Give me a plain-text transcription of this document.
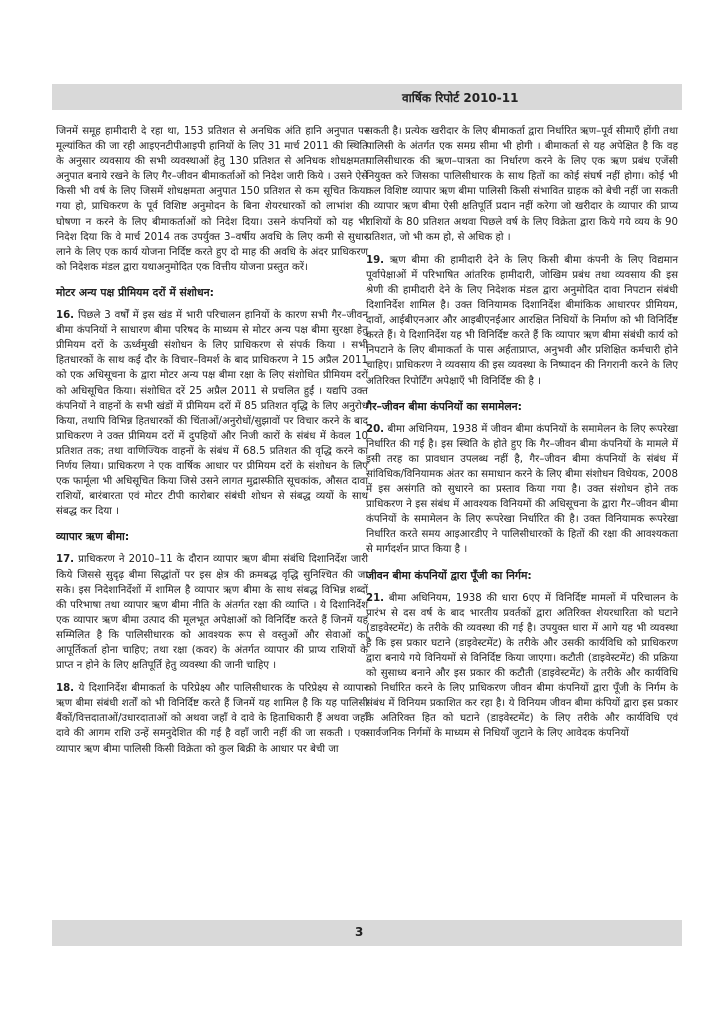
वार्षिक रिपोर्ट 2010-11

जिनमें समूह हामीदारी दे रहा था, 153 प्रतिशत से अनधिक अंति हानि अनुपात पर मूल्यांकित की जा रही आइएनटीपीआइपी हानियों के लिए 31 मार्च 2011 की स्थिति के अनुसार व्यवसाय की सभी व्यवस्थाओं हेतु 130 प्रतिशत से अनिधक शोधक्षमता अनुपात बनाये रखने के लिए गैर–जीवन बीमाकर्ताओं को निदेश जारी किये । उसने ऐसे किसी भी वर्ष के लिए जिसमें शोधक्षमता अनुपात 150 प्रतिशत से कम सूचित किया गया हो, प्राधिकरण के पूर्व विशिष्ट अनुमोदन के बिना शेयरधारकों को लाभांश की घोषणा न करने के लिए बीमाकर्ताओं को निदेश दिया। उसने कंपनियों को यह भी निदेश दिया कि वे मार्च 2014 तक उपर्युक्त 3–वर्षीय अवधि के लिए कमी से सुधार लाने के लिए एक कार्य योजना निर्दिष्ट करते हुए दो माह की अवधि के अंदर प्राधिकरण को निदेशक मंडल द्वारा यथाअनुमोदित एक वित्तीय योजना प्रस्तुत करें।

मोटर अन्य पक्ष प्रीमियम दरों में संशोधन:

16. पिछले 3 वर्षों में इस खंड में भारी परिचालन हानियों के कारण सभी गैर–जीवन बीमा कंपनियों ने साधारण बीमा परिषद के माध्यम से मोटर अन्य पक्ष बीमा सुरक्षा हेतु प्रीमियम दरों के ऊर्ध्वमुखी संशोधन के लिए प्राधिकरण से संपर्क किया । सभी हितधारकों के साथ कई दौर के विचार–विमर्श के बाद प्राधिकरण ने 15 अप्रैल 2011 को एक अधिसूचना के द्वारा मोटर अन्य पक्ष बीमा रक्षा के लिए संशोधित प्रीमियम दरों को अधिसूचित किया। संशोधित दरें 25 अप्रैल 2011 से प्रचलित हुईं । यद्यपि उक्त कंपनियों ने वाहनों के सभी खंडों में प्रीमियम दरों में 85 प्रतिशत वृद्धि के लिए अनुरोध किया, तथापि विभिन्न हितधारकों की चिंताओं/अनुरोधों/सुझावों पर विचार करने के बाद प्राधिकरण ने उक्त प्रीमियम दरों में दुपहियों और निजी कारों के संबंध में केवल 10 प्रतिशत तक; तथा वाणिज्यिक वाहनों के संबंध में 68.5 प्रतिशत की वृद्धि करने का निर्णय लिया। प्राधिकरण ने एक वार्षिक आधार पर प्रीमियम दरों के संशोधन के लिए एक फार्मूला भी अधिसूचित किया जिसे उसने लागत मुद्रास्फीति सूचकांक, औसत दावा राशियों, बारंबारता एवं मोटर टीपी कारोबार संबंधी शोधन से संबद्ध व्ययों के साथ संबद्ध कर दिया ।

व्यापार ऋण बीमा:

17. प्राधिकरण ने 2010–11 के दौरान व्यापार ऋण बीमा संबंधि दिशानिर्देश जारी किये जिससे सुदृढ़ बीमा सिद्धांतों पर इस क्षेत्र की क्रमबद्ध वृद्धि सुनिश्चित की जा सके। इस निदेशानिर्देशों में शामिल है व्यापार ऋण बीमा के साथ संबद्ध विभिन्न शब्दों की परिभाषा तथा व्यापार ऋण बीमा नीति के अंतर्गत रक्षा की व्याप्ति । ये दिशानिर्देश एक व्यापार ऋण बीमा उत्पाद की मूलभूत अपेक्षाओं को विनिर्दिष्ट करते हैं जिनमें यह सम्मिलित है कि पालिसीधारक को आवश्यक रूप से वस्तुओं और सेवाओं का आपूर्तिकर्ता होना चाहिए; तथा रक्षा (कवर) के अंतर्गत व्यापार की प्राप्य राशियों के प्राप्त न होने के लिए क्षतिपूर्ति हेतु व्यवस्था की जानी चाहिए ।

18. ये दिशानिर्देश बीमाकर्ता के परिप्रेक्ष्य और पालिसीधारक के परिप्रेक्ष्य से व्यापार ऋण बीमा संबंधी शर्तों को भी विनिर्दिष्ट करते हैं जिनमें यह शामिल है कि यह पालिसी बैंकों/वित्तदाताओं/उधारदाताओं को अथवा जहाँ वे दावे के हिताधिकारी हैं अथवा जहाँ दावे की आगम राशि उन्हें समनुदेशित की गई है वहाँ जारी नहीं की जा सकती । एक व्यापार ऋण बीमा पालिसी किसी विक्रेता को कुल बिक्री के आधार पर बेची जा

सकती है। प्रत्येक खरीदार के लिए बीमाकर्ता द्वारा निर्धारित ऋण–पूर्व सीमाएँ होंगी तथा पालिसी के अंतर्गत एक समग्र सीमा भी होगी । बीमाकर्ता से यह अपेक्षित है कि वह पालिसीधारक की ऋण–पात्रता का निर्धारण करने के लिए एक ऋण प्रबंध एजेंसी नियुक्त करे जिसका पालिसीधारक के साथ हितों का कोई संघर्ष नहीं होगा। कोई भी कल विशिष्ट व्यापार ऋण बीमा पालिसी किसी संभावित ग्राहक को बेची नहीं जा सकती । व्यापार ऋण बीमा ऐसी क्षतिपूर्ति प्रदान नहीं करेगा जो खरीदार के व्यापार की प्राप्य राशियों के 80 प्रतिशत अथवा पिछले वर्ष के लिए विक्रेता द्वारा किये गये व्यय के 90 प्रतिशत, जो भी कम हो, से अधिक हो ।

19. ऋण बीमा की हामीदारी देने के लिए किसी बीमा कंपनी के लिए विद्यमान पूर्वापेक्षाओं में परिभाषित आंतरिक हामीदारी, जोखिम प्रबंध तथा व्यवसाय की इस श्रेणी की हामीदारी देने के लिए निदेशक मंडल द्वारा अनुमोदित दावा निपटान संबंधी दिशानिर्देश शामिल है। उक्त विनियामक दिशानिर्देश बीमांकिक आधारपर प्रीमियम, दावों, आईबीएनआर और आइबीएनईआर आरक्षित निधियों के निर्माण को भी विनिर्दिष्ट करते हैं। ये दिशानिर्देश यह भी विनिर्दिष्ट करते हैं कि व्यापार ऋण बीमा संबंधी कार्य को निपटाने के लिए बीमाकर्ता के पास अर्हताप्राप्त, अनुभवी और प्रशिक्षित कर्मचारी होने चाहिए। प्राधिकरण ने व्यवसाय की इस व्यवस्था के निष्पादन की निगरानी करने के लिए अतिरिक्त रिपोर्टिंग अपेक्षाएँ भी विनिर्दिष्ट की है ।

गैर–जीवन बीमा कंपनियों का समामेलन:

20. बीमा अधिनियम, 1938 में जीवन बीमा कंपनियों के समामेलन के लिए रूपरेखा निर्धारित की गई है। इस स्थिति के होते हुए कि गैर–जीवन बीमा कंपनियों के मामले में इसी तरह का प्रावधान उपलब्ध नहीं है, गैर–जीवन बीमा कंपनियों के संबंध में सांविधिक/विनियामक अंतर का समाधान करने के लिए बीमा संशोधन विधेयक, 2008 में इस असंगति को सुधारने का प्रस्ताव किया गया है। उक्त संशोधन होने तक प्राधिकरण ने इस संबंध में आवश्यक विनियमों की अधिसूचना के द्वारा गैर–जीवन बीमा कंपनियों के समामेलन के लिए रूपरेखा निर्धारित की है। उक्त विनियामक रूपरेखा निर्धारित करते समय आइआरडीए ने पालिसीधारकों के हितों की रक्षा की आवश्यकता से मार्गदर्शन प्राप्त किया है ।

जीवन बीमा कंपनियों द्वारा पूँजी का निर्गम:

21. बीमा अधिनियम, 1938 की धारा 6एए में विनिर्दिष्ट मामलों में परिचालन के प्रारंभ से दस वर्ष के बाद भारतीय प्रवर्तकों द्वारा अतिरिक्त शेयरधारिता को घटाने (डाइवेस्टमेंट) के तरीके की व्यवस्था की गई है। उपयुक्त धारा में आगे यह भी व्यवस्था है कि इस प्रकार घटाने (डाइवेस्टमेंट) के तरीके और उसकी कार्यविधि को प्राधिकरण द्वारा बनाये गये विनियमों से विनिर्दिष्ट किया जाएगा। कटौती (डाइवेस्टमेंट) की प्रक्रिया को सुसाध्य बनाने और इस प्रकार की कटौती (डाइवेस्टमेंट) के तरीके और कार्यविधि को निर्धारित करने के लिए प्राधिकरण जीवन बीमा कंपनियों द्वारा पूँजी के निर्गम के संबंध में विनियम प्रकाशित कर रहा है। ये विनियम जीवन बीमा कंपियों द्वारा इस प्रकार के अतिरिक्त हित को घटाने (डाइवेस्टमेंट) के लिए तरीके और कार्यविधि एवं सार्वजनिक निर्गमों के माध्यम से निधियाँ जुटाने के लिए आवेदक कंपनियों

3
